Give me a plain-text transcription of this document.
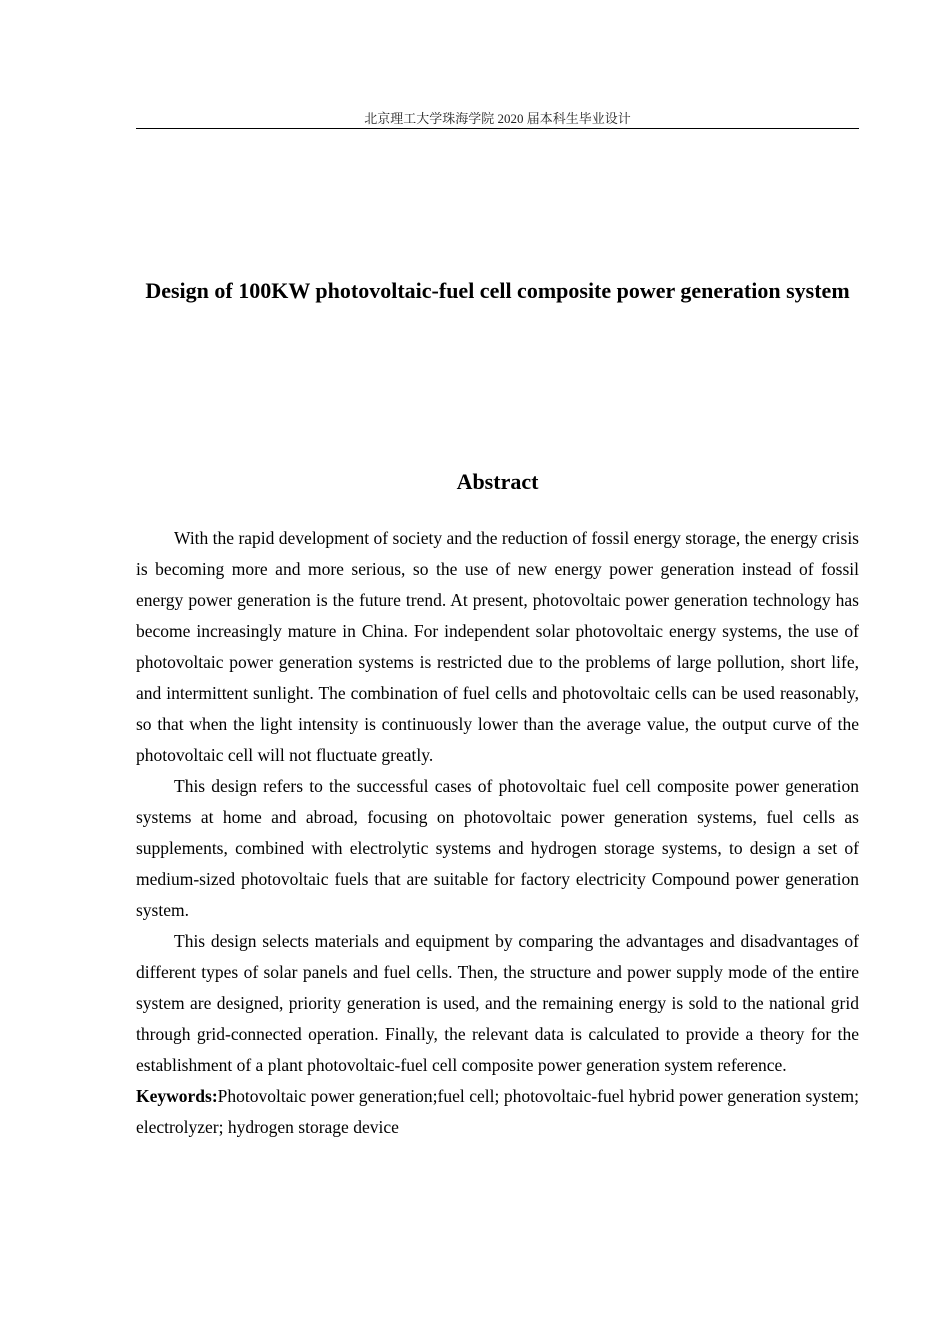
北京理工大学珠海学院 2020 届本科生毕业设计
Design of 100KW photovoltaic-fuel cell composite power generation system
Abstract

With the rapid development of society and the reduction of fossil energy storage, the energy crisis is becoming more and more serious, so the use of new energy power generation instead of fossil energy power generation is the future trend. At present, photovoltaic power generation technology has become increasingly mature in China. For independent solar photovoltaic energy systems, the use of photovoltaic power generation systems is restricted due to the problems of large pollution, short life, and intermittent sunlight. The combination of fuel cells and photovoltaic cells can be used reasonably, so that when the light intensity is continuously lower than the average value, the output curve of the photovoltaic cell will not fluctuate greatly.

This design refers to the successful cases of photovoltaic fuel cell composite power generation systems at home and abroad, focusing on photovoltaic power generation systems, fuel cells as supplements, combined with electrolytic systems and hydrogen storage systems, to design a set of medium-sized photovoltaic fuels that are suitable for factory electricity Compound power generation system.

This design selects materials and equipment by comparing the advantages and disadvantages of different types of solar panels and fuel cells. Then, the structure and power supply mode of the entire system are designed, priority generation is used, and the remaining energy is sold to the national grid through grid-connected operation. Finally, the relevant data is calculated to provide a theory for the establishment of a plant photovoltaic-fuel cell composite power generation system reference.

Keywords:Photovoltaic power generation;fuel cell; photovoltaic-fuel hybrid power generation system; electrolyzer; hydrogen storage device
